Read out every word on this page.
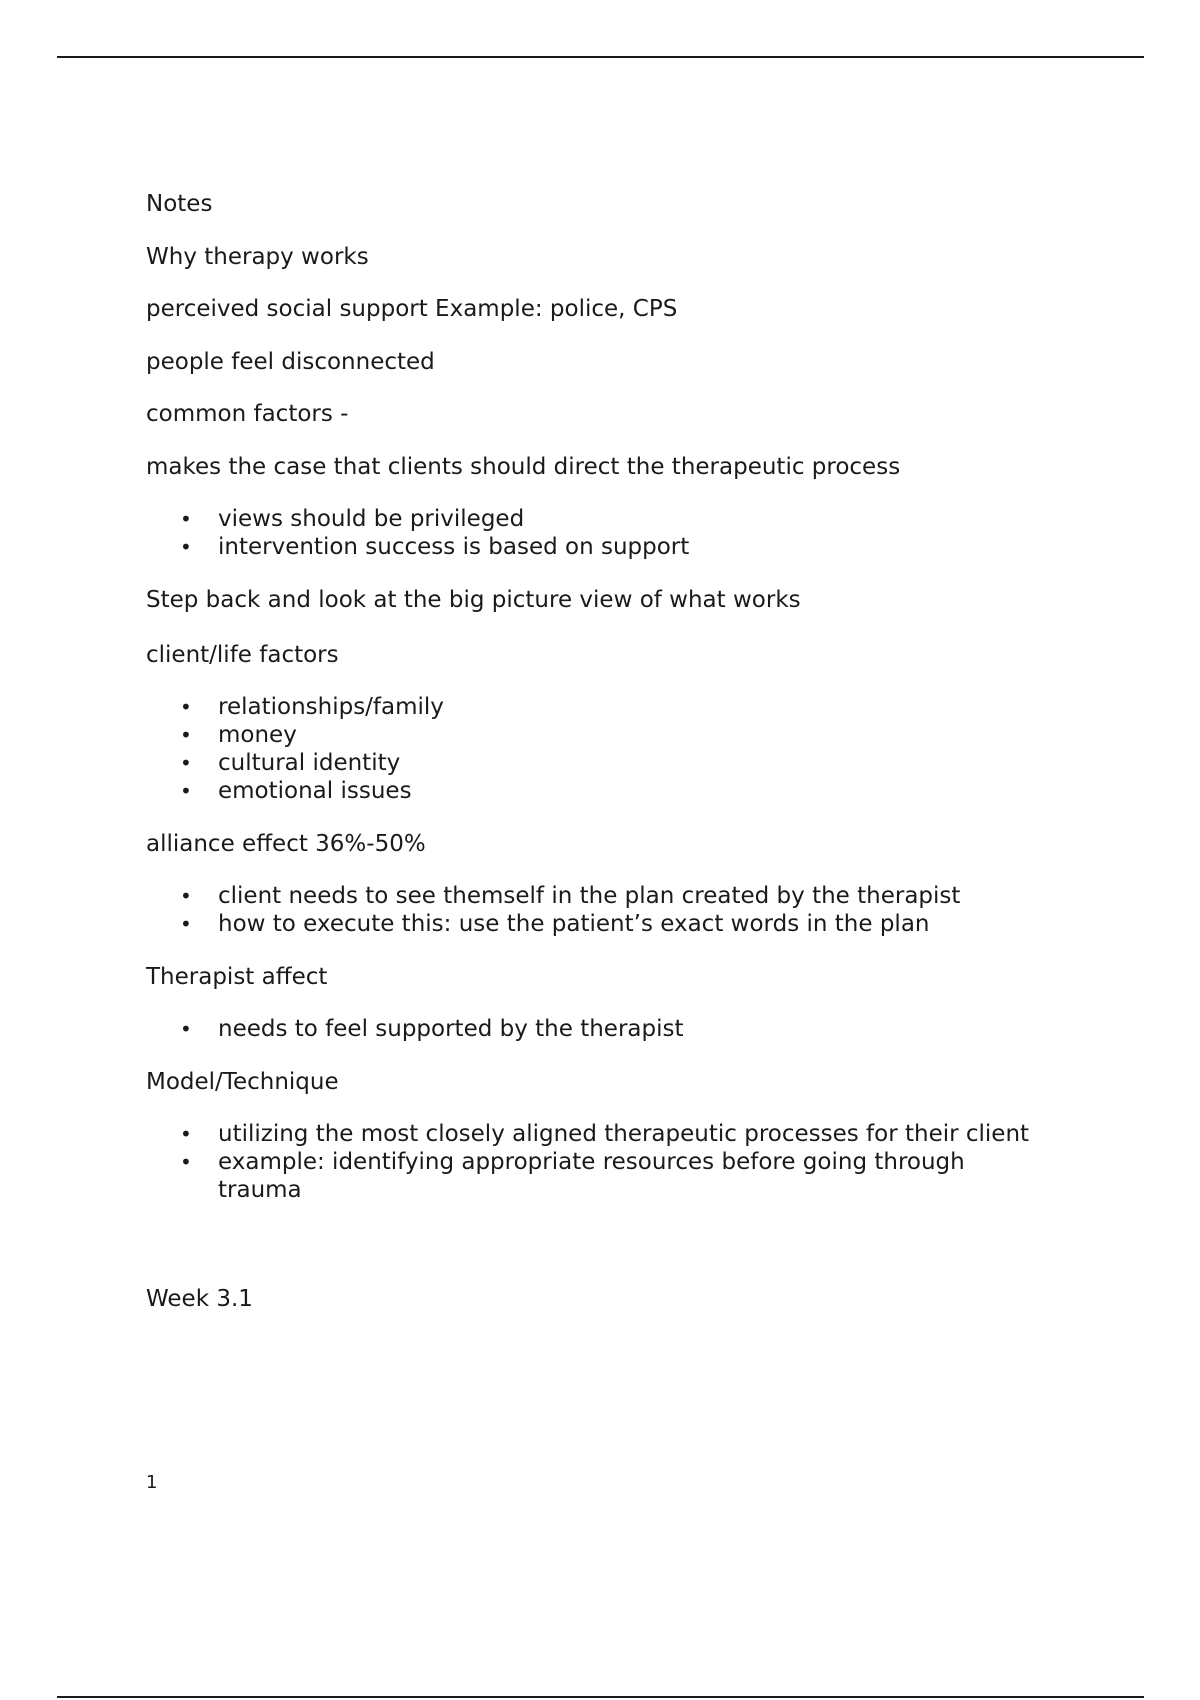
Notes

Why therapy works

perceived social support Example: police, CPS

people feel disconnected

common factors -

makes the case that clients should direct the therapeutic process

• views should be privileged
• intervention success is based on support

Step back and look at the big picture view of what works

client/life factors

• relationships/family
• money
• cultural identity
• emotional issues

alliance effect 36%-50%

• client needs to see themself in the plan created by the therapist
• how to execute this: use the patient’s exact words in the plan

Therapist affect

• needs to feel supported by the therapist

Model/Technique

• utilizing the most closely aligned therapeutic processes for their client
• example: identifying appropriate resources before going through trauma

Week 3.1

1
